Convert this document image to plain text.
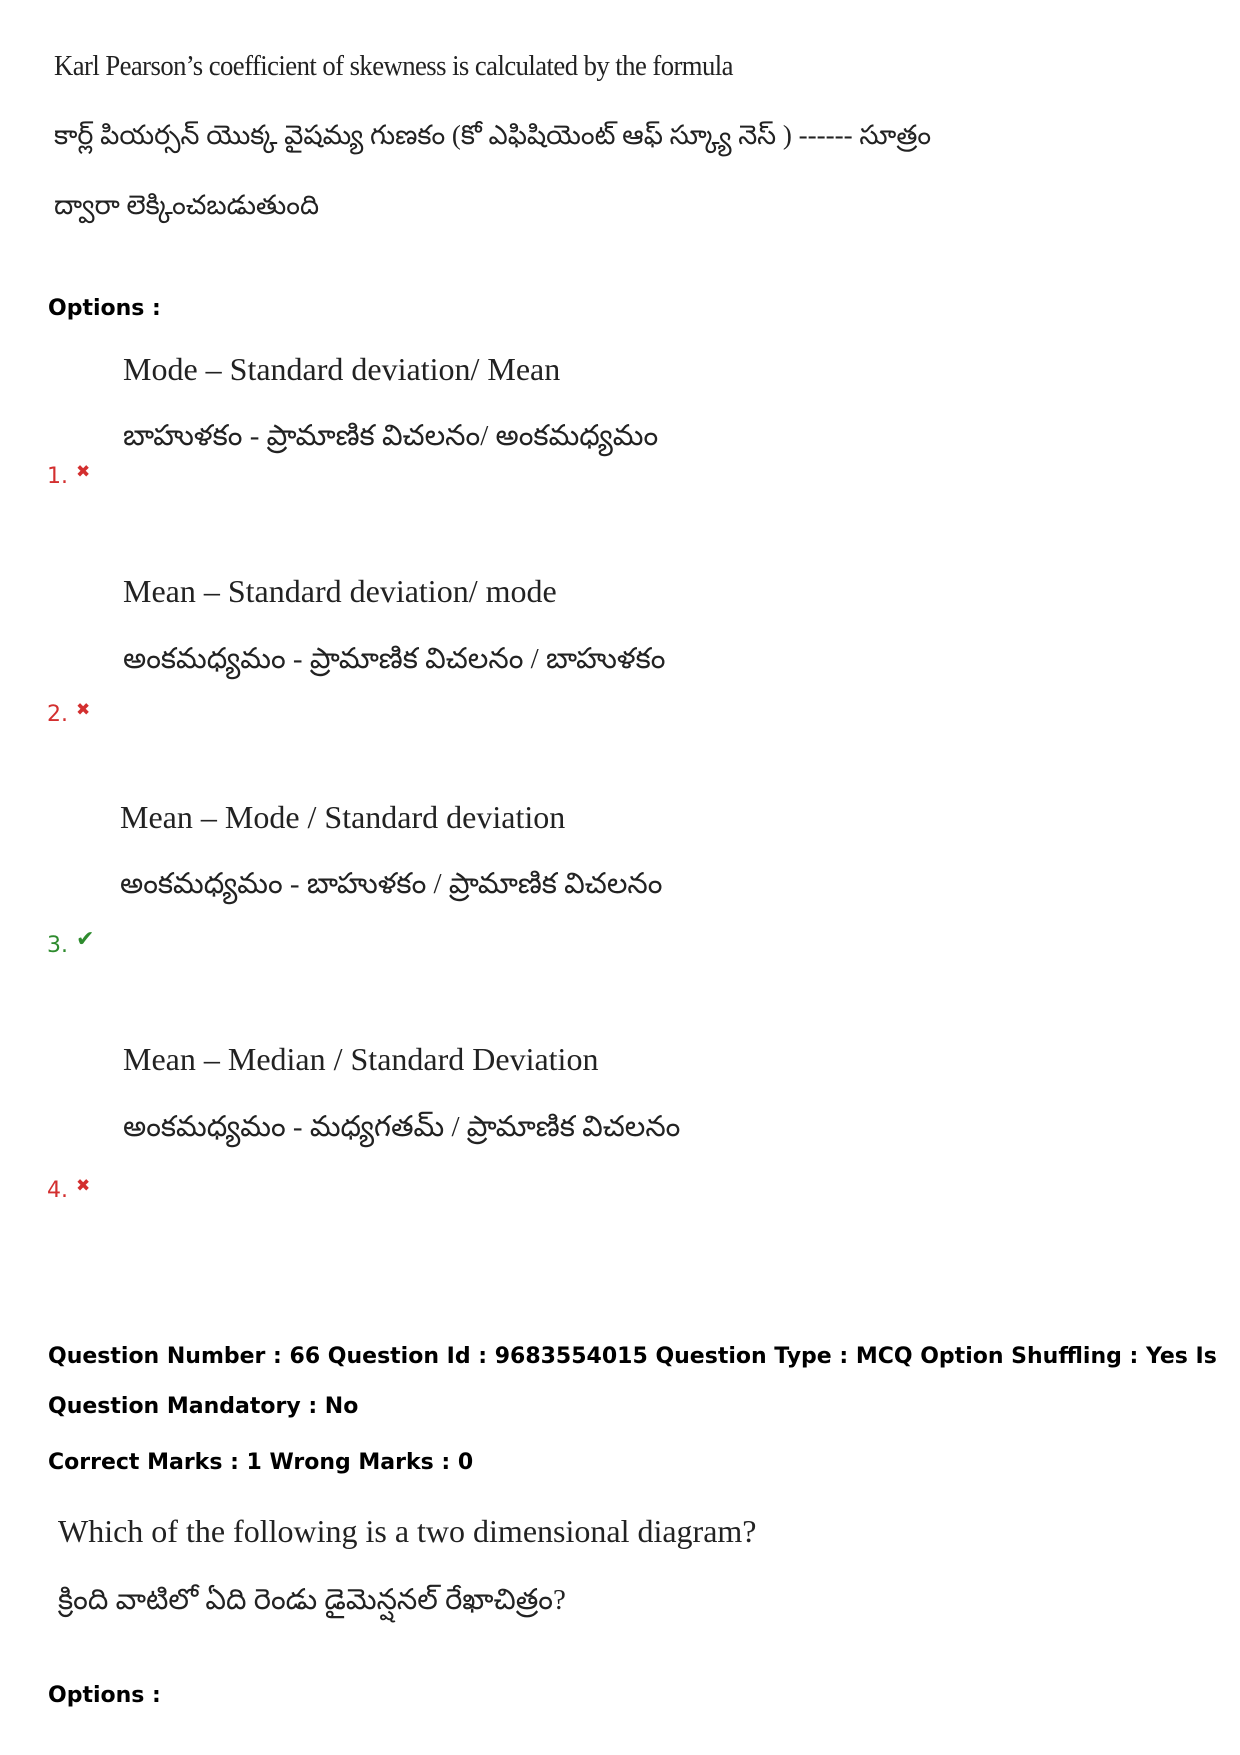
Karl Pearson’s coefficient of skewness is calculated by the formula
కార్ల్ పియర్సన్ యొక్క వైషమ్య గుణకం (కో ఎఫిషియెంట్ ఆఫ్ స్క్యూ నెస్ ) ------ సూత్రం
ద్వారా లెక్కించబడుతుంది
Options :
Mode – Standard deviation/ Mean
బాహుళకం - ప్రామాణిక విచలనం/ అంకమధ్యమం
1. ✖
Mean – Standard deviation/ mode
అంకమధ్యమం - ప్రామాణిక విచలనం / బాహుళకం
2. ✖
Mean – Mode / Standard deviation
అంకమధ్యమం - బాహుళకం / ప్రామాణిక విచలనం
3. ✔
Mean – Median / Standard Deviation
అంకమధ్యమం - మధ్యగతమ్ / ప్రామాణిక విచలనం
4. ✖
Question Number : 66 Question Id : 9683554015 Question Type : MCQ Option Shuffling : Yes Is
Question Mandatory : No
Correct Marks : 1 Wrong Marks : 0
Which of the following is a two dimensional diagram?
క్రింది వాటిలో ఏది రెండు డైమెన్షనల్ రేఖాచిత్రం?
Options :
